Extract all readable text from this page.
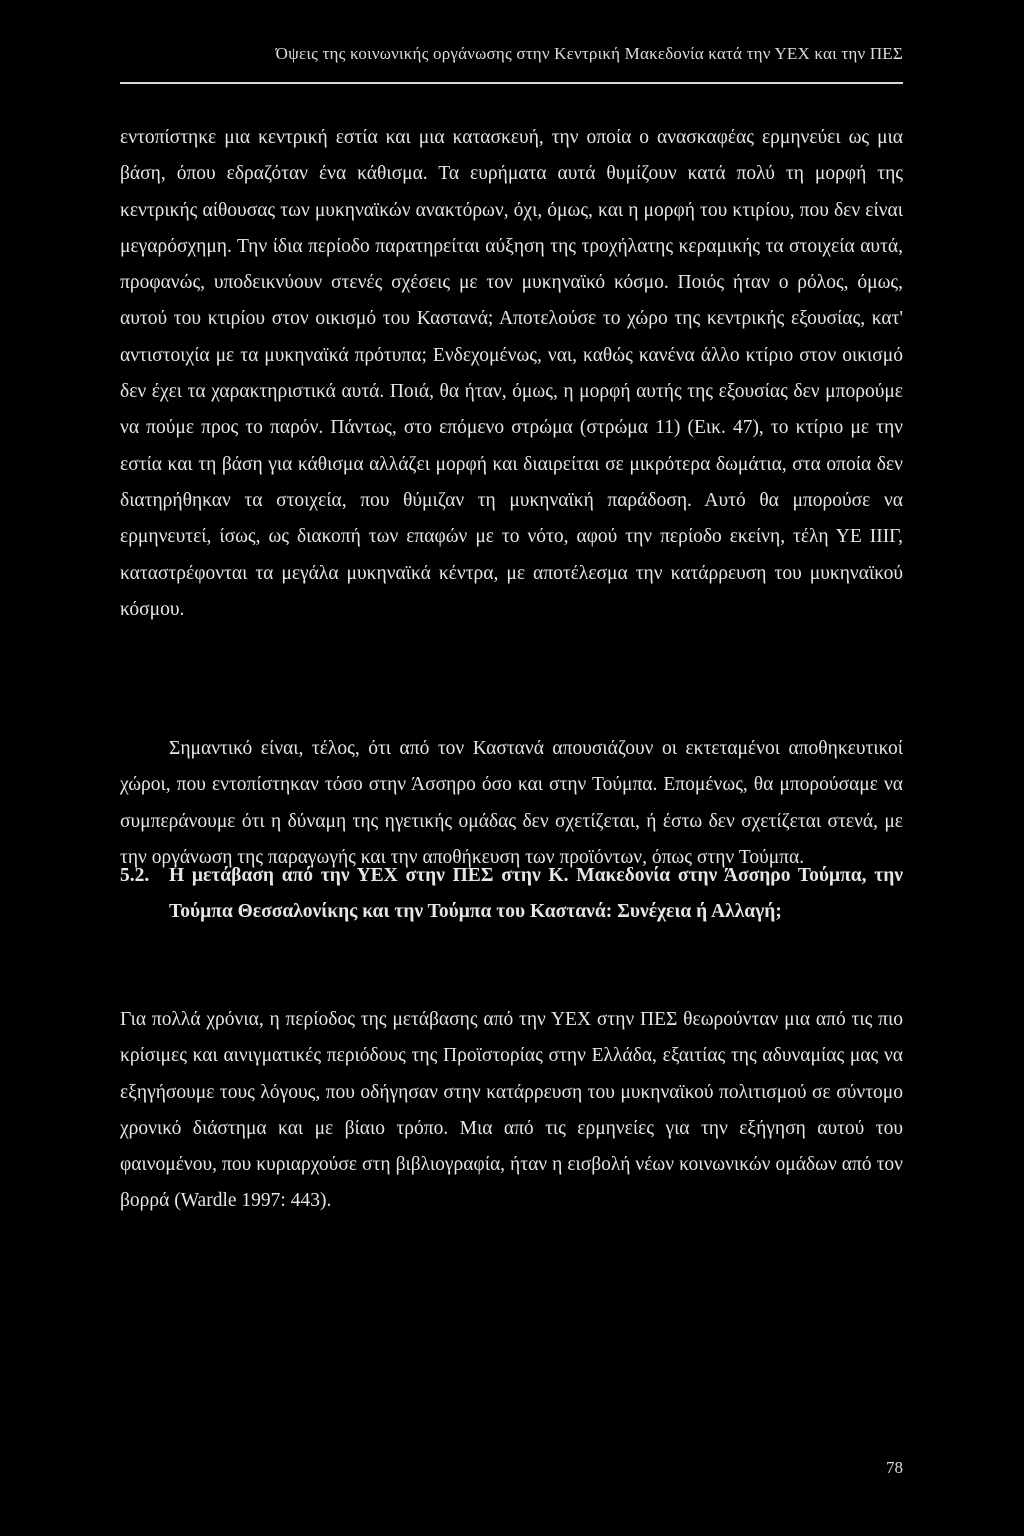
Όψεις της κοινωνικής οργάνωσης στην Κεντρική Μακεδονία κατά την ΥΕΧ και την ΠΕΣ

εντοπίστηκε μια κεντρική εστία και μια κατασκευή, την οποία ο ανασκαφέας ερμηνεύει ως μια βάση, όπου εδραζόταν ένα κάθισμα. Τα ευρήματα αυτά θυμίζουν κατά πολύ τη μορφή της κεντρικής αίθουσας των μυκηναϊκών ανακτόρων, όχι, όμως, και η μορφή του κτιρίου, που δεν είναι μεγαρόσχημη. Την ίδια περίοδο παρατηρείται αύξηση της τροχήλατης κεραμικής τα στοιχεία αυτά, προφανώς, υποδεικνύουν στενές σχέσεις με τον μυκηναϊκό κόσμο. Ποιός ήταν ο ρόλος, όμως, αυτού του κτιρίου στον οικισμό του Καστανά; Αποτελούσε το χώρο της κεντρικής εξουσίας, κατ' αντιστοιχία με τα μυκηναϊκά πρότυπα; Ενδεχομένως, ναι, καθώς κανένα άλλο κτίριο στον οικισμό δεν έχει τα χαρακτηριστικά αυτά. Ποιά, θα ήταν, όμως, η μορφή αυτής της εξουσίας δεν μπορούμε να πούμε προς το παρόν. Πάντως, στο επόμενο στρώμα (στρώμα 11) (Εικ. 47), το κτίριο με την εστία και τη βάση για κάθισμα αλλάζει μορφή και διαιρείται σε μικρότερα δωμάτια, στα οποία δεν διατηρήθηκαν τα στοιχεία, που θύμιζαν τη μυκηναϊκή παράδοση. Αυτό θα μπορούσε να ερμηνευτεί, ίσως, ως διακοπή των επαφών με το νότο, αφού την περίοδο εκείνη, τέλη ΥΕ ΙΙΙΓ, καταστρέφονται τα μεγάλα μυκηναϊκά κέντρα, με αποτέλεσμα την κατάρρευση του μυκηναϊκού κόσμου.

Σημαντικό είναι, τέλος, ότι από τον Καστανά απουσιάζουν οι εκτεταμένοι αποθηκευτικοί χώροι, που εντοπίστηκαν τόσο στην Άσσηρο όσο και στην Τούμπα. Επομένως, θα μπορούσαμε να συμπεράνουμε ότι η δύναμη της ηγετικής ομάδας δεν σχετίζεται, ή έστω δεν σχετίζεται στενά, με την οργάνωση της παραγωγής και την αποθήκευση των προϊόντων, όπως στην Τούμπα.

5.2. Η μετάβαση από την ΥΕΧ στην ΠΕΣ στην Κ. Μακεδονία στην Άσσηρο Τούμπα, την Τούμπα Θεσσαλονίκης και την Τούμπα του Καστανά: Συνέχεια ή Αλλαγή;

Για πολλά χρόνια, η περίοδος της μετάβασης από την ΥΕΧ στην ΠΕΣ θεωρούνταν μια από τις πιο κρίσιμες και αινιγματικές περιόδους της Προϊστορίας στην Ελλάδα, εξαιτίας της αδυναμίας μας να εξηγήσουμε τους λόγους, που οδήγησαν στην κατάρρευση του μυκηναϊκού πολιτισμού σε σύντομο χρονικό διάστημα και με βίαιο τρόπο. Μια από τις ερμηνείες για την εξήγηση αυτού του φαινομένου, που κυριαρχούσε στη βιβλιογραφία, ήταν η εισβολή νέων κοινωνικών ομάδων από τον βορρά (Wardle 1997: 443).

78
